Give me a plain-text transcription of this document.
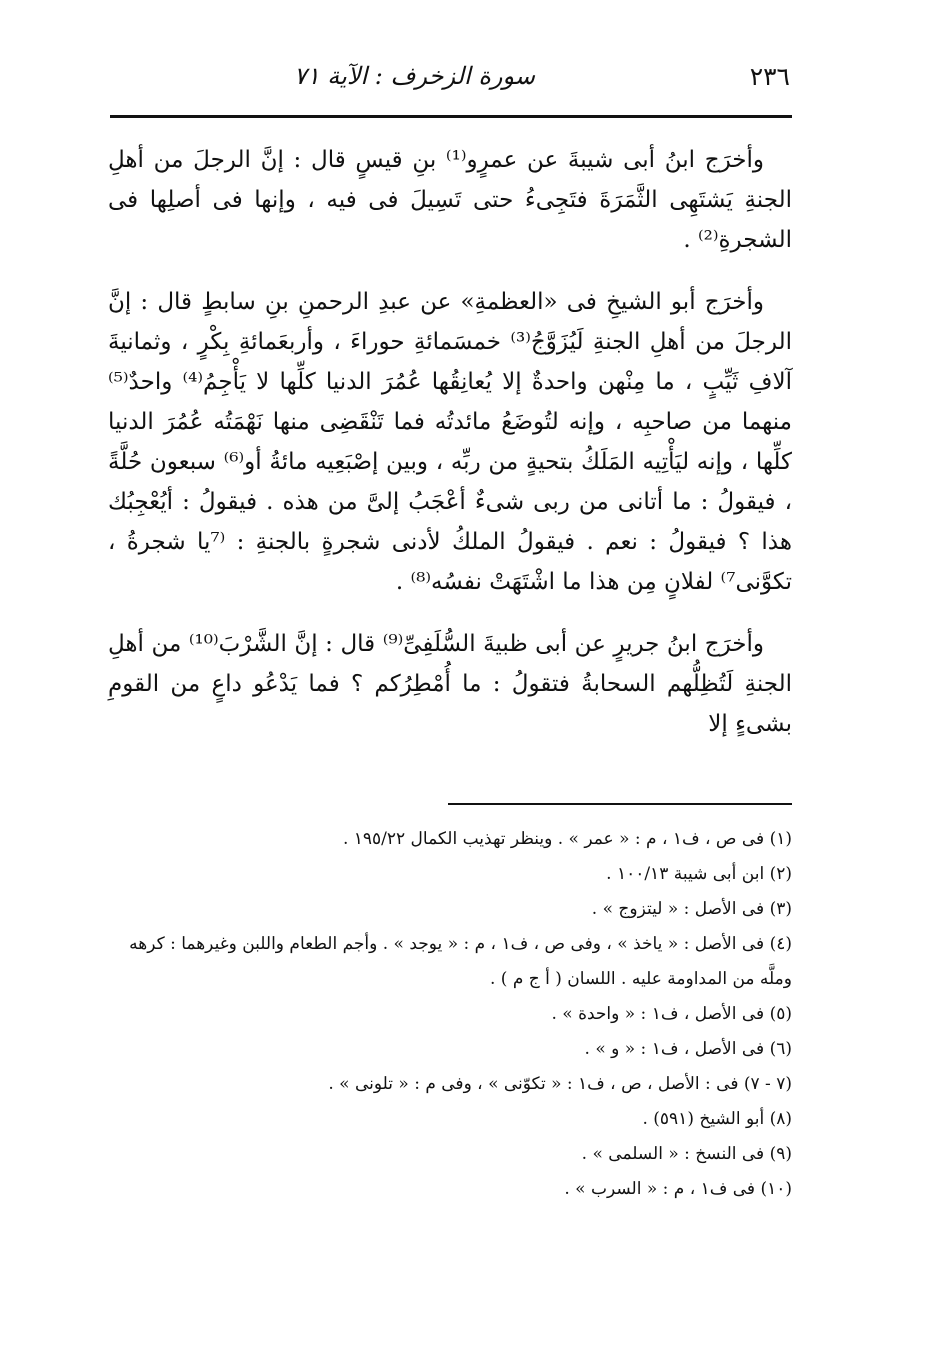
٢٣٦
سورة الزخرف : الآية ٧١

وأخرَج ابنُ أبى شيبةَ عن عمرٍو⁽¹⁾ بنِ قيسٍ قال : إنَّ الرجلَ من أهلِ الجنةِ يَشتَهِى الثَّمَرَةَ فتَجِىءُ حتى تَسِيلَ فى فيه ، وإنها فى أصلِها فى الشجرةِ⁽²⁾ .

وأخرَج أبو الشيخِ فى «العظمةِ» عن عبدِ الرحمنِ بنِ سابطٍ قال : إنَّ الرجلَ من أهلِ الجنةِ لَيُزَوَّجُ⁽³⁾ خمسَمائةِ حوراءَ ، وأربعَمائةِ بِكْرٍ ، وثمانيةَ آلافِ ثَيِّبٍ ، ما مِنْهن واحدةٌ إلا يُعانِقُها عُمُرَ الدنيا كلِّها لا يَأْجِمُ⁽⁴⁾ واحدٌ⁽⁵⁾ منهما من صاحبِه ، وإنه لتُوضَعُ مائدتُه فما تَنْقَضِى منها نَهْمَتُه عُمُرَ الدنيا كلِّها ، وإنه ليَأْتِيه المَلَكُ بتحيةٍ من ربِّه ، وبين إصْبَعِيه مائةُ أو⁽⁶⁾ سبعون حُلَّةً ، فيقولُ : ما أتانى من ربى شىءٌ أعْجَبُ إلىَّ من هذه . فيقولُ : أيُعْجِبُك هذا ؟ فيقولُ : نعم . فيقولُ الملكُ لأدنى شجرةٍ بالجنةِ : ⁽⁷يا شجرةُ ، تكوَّنى⁷⁾ لفلانٍ مِن هذا ما اشْتَهَتْ نفسُه⁽⁸⁾ .

وأخرَج ابنُ جريرٍ عن أبى ظبيةَ السُّلَفِىِّ⁽⁹⁾ قال : إنَّ الشَّرْبَ⁽¹⁰⁾ من أهلِ الجنةِ لَتُظِلُّهم السحابةُ فتقولُ : ما أُمْطِرُكم ؟ فما يَدْعُو داعٍ من القومِ بشىءٍ إلا

(١) فى ص ، ف١ ، م : « عمر » . وينظر تهذيب الكمال ١٩٥/٢٢ .
(٢) ابن أبى شيبة ١٠٠/١٣ .
(٣) فى الأصل : « ليتزوج » .
(٤) فى الأصل : « ياخذ » ، وفى ص ، ف١ ، م : « يوجد » . وأجم الطعام واللبن وغيرهما : كرهه وملَّه من المداومة عليه . اللسان ( أ ج م ) .
(٥) فى الأصل ، ف١ : « واحدة » .
(٦) فى الأصل ، ف١ : « و » .
(٧ - ٧) فى : الأصل ، ص ، ف١ : « تكوّنى » ، وفى م : « تلونى » .
(٨) أبو الشيخ (٥٩١) .
(٩) فى النسخ : « السلمى » .
(١٠) فى ف١ ، م : « السرب » .
